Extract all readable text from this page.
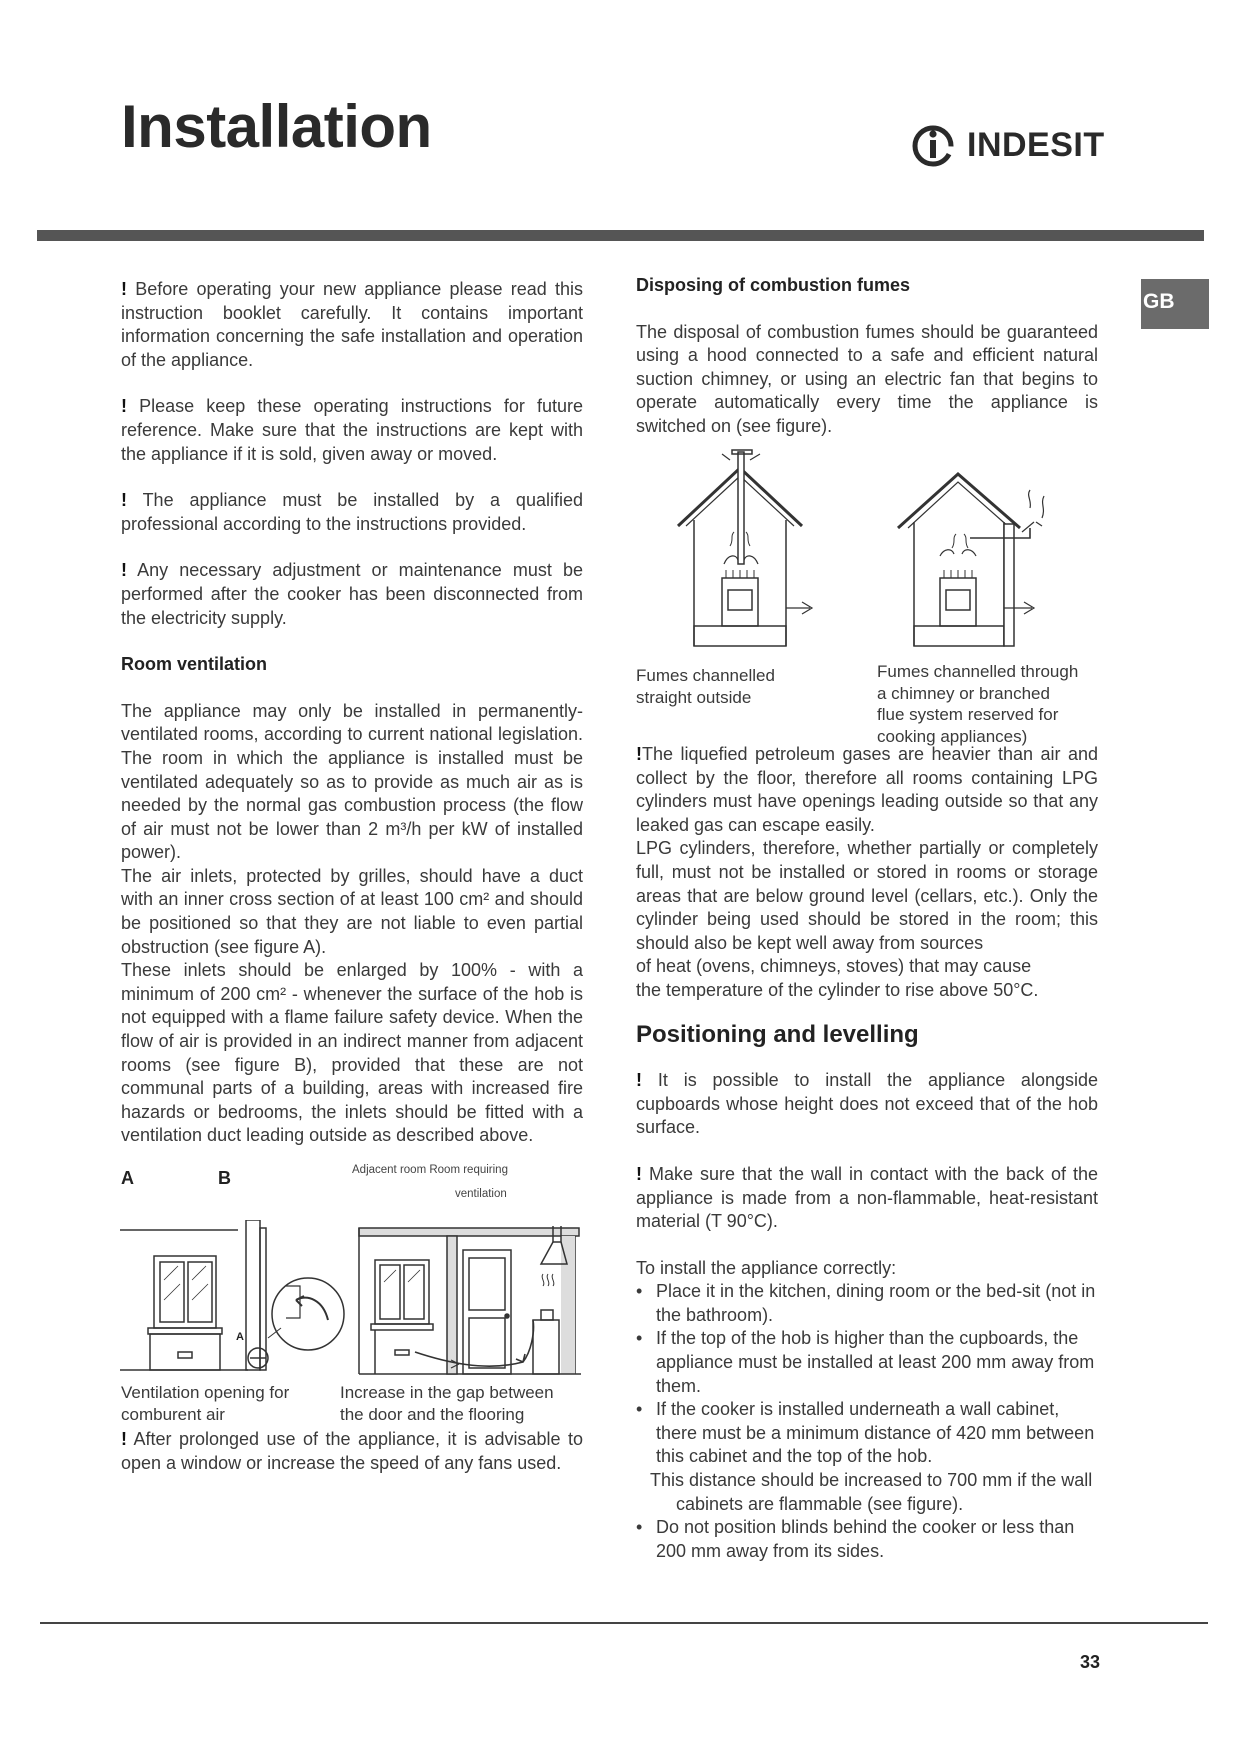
Installation	INDESIT
GB

! Before operating your new appliance please read this instruction booklet carefully. It contains important information concerning the safe installation and operation of the appliance.

! Please keep these operating instructions for future reference. Make sure that the instructions are kept with the appliance if it is sold, given away or moved.

! The appliance must be installed by a qualified professional according to the instructions provided.

! Any necessary adjustment or maintenance must be performed after the cooker has been disconnected from the electricity supply.

Room ventilation

The appliance may only be installed in permanently-ventilated rooms, according to current national legislation. The room in which the appliance is installed must be ventilated adequately so as to provide as much air as is needed by the normal gas combustion process (the flow of air must not be lower than 2 m³/h per kW of installed power).

The air inlets, protected by grilles, should have a duct with an inner cross section of at least 100 cm² and should be positioned so that they are not liable to even partial obstruction (see figure A).

These inlets should be enlarged by 100% - with a minimum of 200 cm² - whenever the surface of the hob is not equipped with a flame failure safety device. When the flow of air is provided in an indirect manner from adjacent rooms (see figure B), provided that these are not communal parts of a building, areas with increased fire hazards or bedrooms, the inlets should be fitted with a ventilation duct leading outside as described above.

A	B	Adjacent room Room requiring
ventilation
A
Ventilation opening for
comburent air
Increase in the gap between
the door and the flooring

! After prolonged use of the appliance, it is advisable to open a window or increase the speed of any fans used.

Disposing of combustion fumes

The disposal of combustion fumes should be guaranteed using a hood connected to a safe and efficient natural suction chimney, or using an electric fan that begins to operate automatically every time the appliance is switched on (see figure).

Fumes channelled
straight outside
Fumes channelled through
a chimney or branched
flue system reserved for
cooking appliances)

!The liquefied petroleum gases are heavier than air and collect by the floor, therefore all rooms containing LPG cylinders must have openings leading outside so that any leaked gas can escape easily.

LPG cylinders, therefore, whether partially or completely full, must not be installed or stored in rooms or storage areas that are below ground level (cellars, etc.). Only the cylinder being used should be stored in the room; this should also be kept well away from sources

of heat (ovens, chimneys, stoves) that may cause

the temperature of the cylinder to rise above 50°C.

Positioning and levelling

! It is possible to install the appliance alongside cupboards whose height does not exceed that of the hob surface.

! Make sure that the wall in contact with the back of the appliance is made from a non-flammable, heat-resistant material (T 90°C).

To install the appliance correctly:

• Place it in the kitchen, dining room or the bed-sit (not in the bathroom).
• If the top of the hob is higher than the cupboards, the appliance must be installed at least 200 mm away from them.
• If the cooker is installed underneath a wall cabinet, there must be a minimum distance of 420 mm between this cabinet and the top of the hob.
This distance should be increased to 700 mm if the wall cabinets are flammable (see figure).
• Do not position blinds behind the cooker or less than 200 mm away from its sides.
33
